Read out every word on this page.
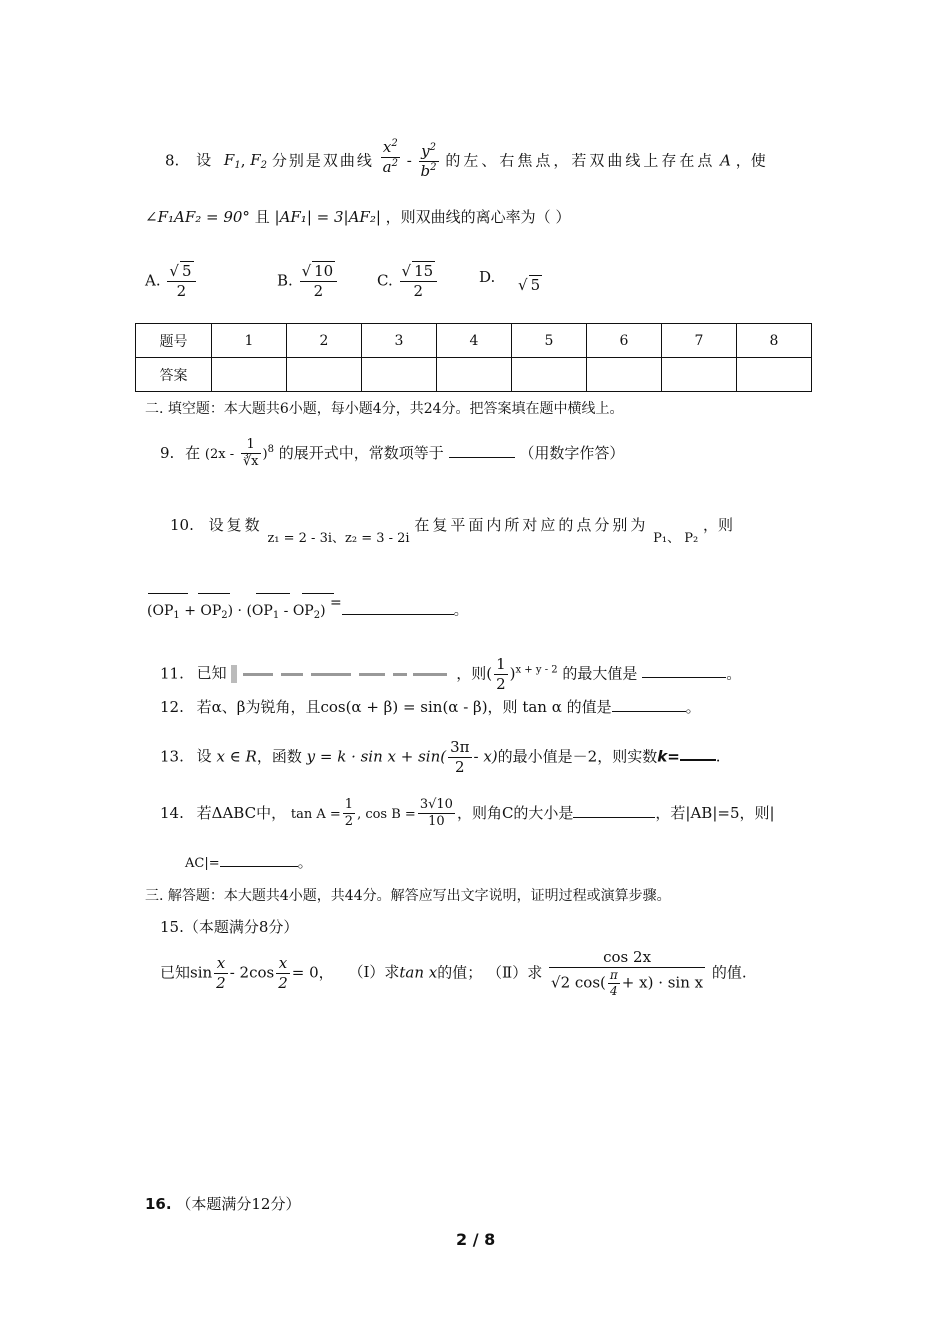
8. 设 $F_1$, $F_2$ 分别是双曲线 $\frac{x^2}{a^2} - \frac{y^2}{b^2}$ 的左、右焦点，若双曲线上存在点 A ，使
∠F₁AF₂ = 90° 且 |AF₁| = 3|AF₂| ，则双曲线的离心率为（ ）
A. $\frac{√ 5}{2}$	B. $\frac{√ 10}{2}$	C. $\frac{√ 15}{2}$	D. √ 5
题号	1	2	3	4	5	6	7	8
答案								
二. 填空题：本大题共6小题，每小题4分，共24分。把答案填在题中横线上。
9. 在 $(2x - \frac{1}{∛x} )^8$ 的展开式中，常数项等于	（用数字作答）
10. 设复数 z₁ = 2 - 3i、z₂ = 3 - 2i 在复平面内所对应的点分别为 P₁、 P₂ ，则
$(OP_1 + OP_2) \cdot (OP_1 - OP_2)$ =	。
11. 已知	，则( $\frac{1}{2} )^{x + y - 2}$ 的最大值是	。
12. 若α、β为锐角，且cos(α + β) = sin(α - β)，则 tan α 的值是	。
13. 设 x ∈ R，函数 $y = k \cdot \sin x + \sin( \frac{3\pi}{2} - x)$的最小值是－2，则实数k= .
14. 若ΔABC中， $\tan A = \frac{1}{2}$ , $\cos B = \frac{3√10}{10}$ ，则角C的大小是	，若|AB|=5，则|
AC|=	。
三. 解答题：本大题共4小题，共44分。解答应写出文字说明，证明过程或演算步骤。
15.（本题满分8分）
已知$\sin \frac{x}{2} - 2\cos \frac{x}{2} = 0$， （Ⅰ）求tan x的值； （Ⅱ）求 $\frac{\cos 2x}{√2 \cos( \frac{\pi}{4} + x) \cdot \sin x}$ 的值.
16. （本题满分12分）
2 / 8
